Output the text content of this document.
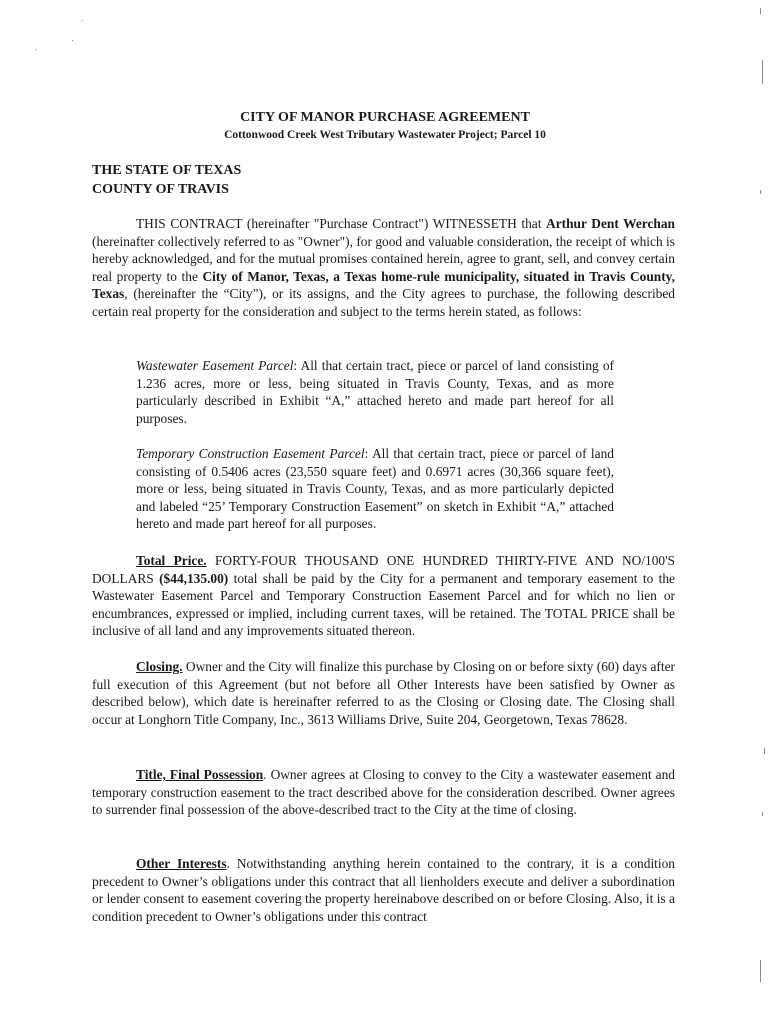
CITY OF MANOR PURCHASE AGREEMENT
Cottonwood Creek West Tributary Wastewater Project; Parcel 10
THE STATE OF TEXAS
COUNTY OF TRAVIS

THIS CONTRACT (hereinafter "Purchase Contract") WITNESSETH that Arthur Dent Werchan (hereinafter collectively referred to as "Owner"), for good and valuable consideration, the receipt of which is hereby acknowledged, and for the mutual promises contained herein, agree to grant, sell, and convey certain real property to the City of Manor, Texas, a Texas home-rule municipality, situated in Travis County, Texas, (hereinafter the “City”), or its assigns, and the City agrees to purchase, the following described certain real property for the consideration and subject to the terms herein stated, as follows:

Wastewater Easement Parcel: All that certain tract, piece or parcel of land consisting of 1.236 acres, more or less, being situated in Travis County, Texas, and as more particularly described in Exhibit “A,” attached hereto and made part hereof for all purposes.

Temporary Construction Easement Parcel: All that certain tract, piece or parcel of land consisting of 0.5406 acres (23,550 square feet) and 0.6971 acres (30,366 square feet), more or less, being situated in Travis County, Texas, and as more particularly depicted and labeled “25’ Temporary Construction Easement” on sketch in Exhibit “A,” attached hereto and made part hereof for all purposes.

Total Price. FORTY-FOUR THOUSAND ONE HUNDRED THIRTY-FIVE AND NO/100'S DOLLARS ($44,135.00) total shall be paid by the City for a permanent and temporary easement to the Wastewater Easement Parcel and Temporary Construction Easement Parcel and for which no lien or encumbrances, expressed or implied, including current taxes, will be retained. The TOTAL PRICE shall be inclusive of all land and any improvements situated thereon.

Closing. Owner and the City will finalize this purchase by Closing on or before sixty (60) days after full execution of this Agreement (but not before all Other Interests have been satisfied by Owner as described below), which date is hereinafter referred to as the Closing or Closing date. The Closing shall occur at Longhorn Title Company, Inc., 3613 Williams Drive, Suite 204, Georgetown, Texas 78628.

Title, Final Possession. Owner agrees at Closing to convey to the City a wastewater easement and temporary construction easement to the tract described above for the consideration described. Owner agrees to surrender final possession of the above-described tract to the City at the time of closing.

Other Interests. Notwithstanding anything herein contained to the contrary, it is a condition precedent to Owner’s obligations under this contract that all lienholders execute and deliver a subordination or lender consent to easement covering the property hereinabove described on or before Closing. Also, it is a condition precedent to Owner’s obligations under this contract
